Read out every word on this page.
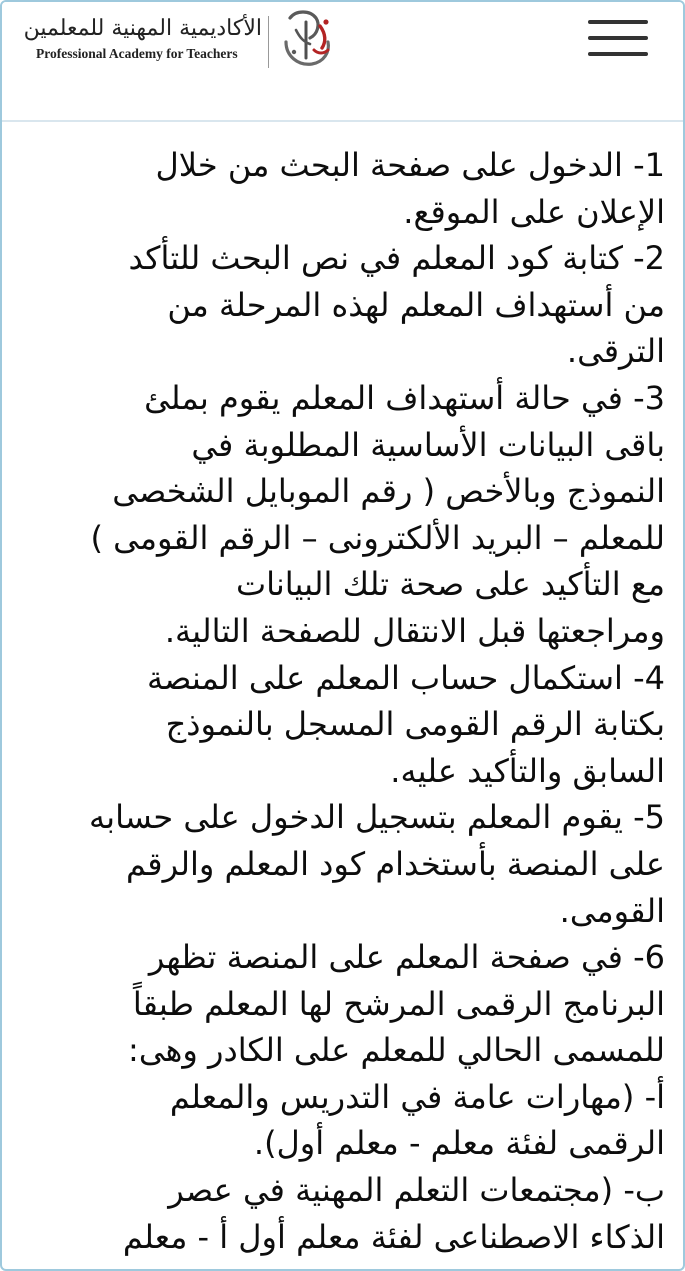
الأكاديمية المهنية للمعلمين
Professional Academy for Teachers
1- الدخول على صفحة البحث من خلال
الإعلان على الموقع.
2- كتابة كود المعلم في نص البحث للتأكد
من أستهداف المعلم لهذه المرحلة من
الترقى.
3- في حالة أستهداف المعلم يقوم بملئ
باقى البيانات الأساسية المطلوبة في
النموذج وبالأخص ( رقم الموبايل الشخصى
للمعلم – البريد الألكترونى – الرقم القومى )
مع التأكيد على صحة تلك البيانات
ومراجعتها قبل الانتقال للصفحة التالية.
4- استكمال حساب المعلم على المنصة
بكتابة الرقم القومى المسجل بالنموذج
السابق والتأكيد عليه.
5- يقوم المعلم بتسجيل الدخول على حسابه
على المنصة بأستخدام كود المعلم والرقم
القومى.
6- في صفحة المعلم على المنصة تظهر
البرنامج الرقمى المرشح لها المعلم طبقاً
للمسمى الحالي للمعلم على الكادر وهى:
أ- (مهارات عامة في التدريس والمعلم
الرقمى لفئة معلم - معلم أول).
ب- (مجتمعات التعلم المهنية في عصر
الذكاء الاصطناعى لفئة معلم أول أ - معلم
